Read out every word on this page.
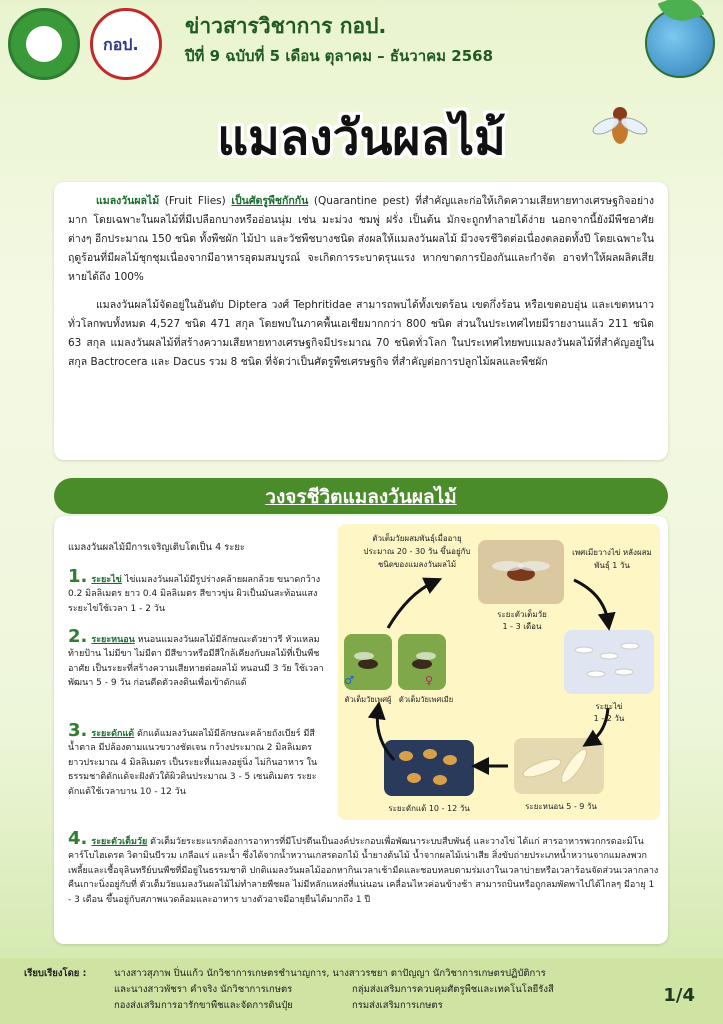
กอป.
ข่าวสารวิชาการ กอป.
ปีที่ 9 ฉบับที่ 5 เดือน ตุลาคม – ธันวาคม 2568
แมลงวันผลไม้

แมลงวันผลไม้ (Fruit Flies) เป็นศัตรูพืชกักกัน (Quarantine pest) ที่สำคัญและก่อให้เกิดความเสียหายทางเศรษฐกิจอย่างมาก โดยเฉพาะในผลไม้ที่มีเปลือกบางหรืออ่อนนุ่ม เช่น มะม่วง ชมพู่ ฝรั่ง เป็นต้น มักจะถูกทำลายได้ง่าย นอกจากนี้ยังมีพืชอาศัยต่างๆ อีกประมาณ 150 ชนิด ทั้งพืชผัก ไม้ป่า และวัชพืชบางชนิด ส่งผลให้แมลงวันผลไม้ มีวงจรชีวิตต่อเนื่องตลอดทั้งปี โดยเฉพาะในฤดูร้อนที่มีผลไม้ชุกชุมเนื่องจากมีอาหารอุดมสมบูรณ์ จะเกิดการระบาดรุนแรง หากขาดการป้องกันและกำจัด อาจทำให้ผลผลิตเสียหายได้ถึง 100%

แมลงวันผลไม้จัดอยู่ในอันดับ Diptera วงศ์ Tephritidae สามารถพบได้ทั้งเขตร้อน เขตกึ่งร้อน หรือเขตอบอุ่น และเขตหนาว ทั่วโลกพบทั้งหมด 4,527 ชนิด 471 สกุล โดยพบในภาคพื้นเอเชียมากกว่า 800 ชนิด ส่วนในประเทศไทยมีรายงานแล้ว 211 ชนิด 63 สกุล แมลงวันผลไม้ที่สร้างความเสียหายทางเศรษฐกิจมีประมาณ 70 ชนิดทั่วโลก ในประเทศไทยพบแมลงวันผลไม้ที่สำคัญอยู่ในสกุล Bactrocera และ Dacus รวม 8 ชนิด ที่จัดว่าเป็นศัตรูพืชเศรษฐกิจ ที่สำคัญต่อการปลูกไม้ผลและพืชผัก

วงจรชีวิตแมลงวันผลไม้
แมลงวันผลไม้มีการเจริญเติบโตเป็น 4 ระยะ
1. ระยะไข่ ไข่แมลงวันผลไม้มีรูปร่างคล้ายผลกล้วย ขนาดกว้าง 0.2 มิลลิเมตร ยาว 0.4 มิลลิเมตร สีขาวขุ่น ผิวเป็นมันสะท้อนแสง ระยะไข่ใช้เวลา 1 - 2 วัน
2. ระยะหนอน หนอนแมลงวันผลไม้มีลักษณะตัวยาวรี หัวแหลมท้ายป้าน ไม่มีขา ไม่มีตา มีสีขาวหรือมีสีใกล้เคียงกับผลไม้ที่เป็นพืชอาศัย เป็นระยะที่สร้างความเสียหายต่อผลไม้ หนอนมี 3 วัย ใช้เวลาพัฒนา 5 - 9 วัน ก่อนดีดตัวลงดินเพื่อเข้าดักแด้
3. ระยะดักแด้ ดักแด้แมลงวันผลไม้มีลักษณะคล้ายถังเบียร์ มีสีน้ำตาล มีปล้องตามแนวขวางชัดเจน กว้างประมาณ 2 มิลลิเมตร ยาวประมาณ 4 มิลลิเมตร เป็นระยะที่แมลงอยู่นิ่ง ไม่กินอาหาร ในธรรมชาติดักแด้จะฝังตัวใต้ผิวดินประมาณ 3 - 5 เซนติเมตร ระยะดักแด้ใช้เวลาบาน 10 - 12 วัน
4. ระยะตัวเต็มวัย ตัวเต็มวัยระยะแรกต้องการอาหารที่มีโปรตีนเป็นองค์ประกอบเพื่อพัฒนาระบบสืบพันธุ์ และวางไข่ ได้แก่ สารอาหารพวกกรดอะมิโน คาร์โบไฮเดรต วิตามินบีรวม เกลือแร่ และน้ำ ซึ่งได้จากน้ำหวานเกสรดอกไม้ น้ำยางต้นไม้ น้ำจากผลไม้เน่าเสีย สิ่งขับถ่ายประเภทน้ำหวานจากแมลงพวกเพลี้ยและเชื้อจุลินทรีย์บนพืชที่มีอยู่ในธรรมชาติ ปกติแมลงวันผลไม้ออกหากินเวลาเช้ามืดและชอบหลบตามร่มเงาในเวลาบ่ายหรือเวลาร้อนจัดส่วนเวลากลางคืนเกาะนิ่งอยู่กับที่ ตัวเต็มวัยแมลงวันผลไม้ไม่ทำลายพืชผล ไม่มีหลักแหล่งที่แน่นอน เคลื่อนไหวค่อนข้างช้า สามารถบินหรือถูกลมพัดพาไปได้ไกลๆ มีอายุ 1 - 3 เดือน ขึ้นอยู่กับสภาพแวดล้อมและอาหาร บางตัวอาจมีอายุยืนได้มากถึง 1 ปี
ตัวเต็มวัยผสมพันธุ์เมื่ออายุประมาณ 20 - 30 วัน ขึ้นอยู่กับชนิดของแมลงวันผลไม้
เพศเมียวางไข่ หลังผสมพันธุ์ 1 วัน
ระยะตัวเต็มวัย
1 - 3 เดือน
ระยะไข่
1 - 2 วัน
ระยะหนอน 5 - 9 วัน
ระยะดักแด้ 10 - 12 วัน
♂	♀
ตัวเต็มวัยเพศผู้	ตัวเต็มวัยเพศเมีย
เรียบเรียงโดย :	นางสาวสุภาพ ปิ่นแก้ว นักวิชาการเกษตรชำนาญการ, นางสาวรชยา ตาปัญญา นักวิชาการเกษตรปฏิบัติการ
และนางสาวพัชรา คำจริง นักวิชาการเกษตร	กลุ่มส่งเสริมการควบคุมศัตรูพืชและเทคโนโลยีรังสี
กองส่งเสริมการอารักขาพืชและจัดการดินปุ๋ย	กรมส่งเสริมการเกษตร	1/4
